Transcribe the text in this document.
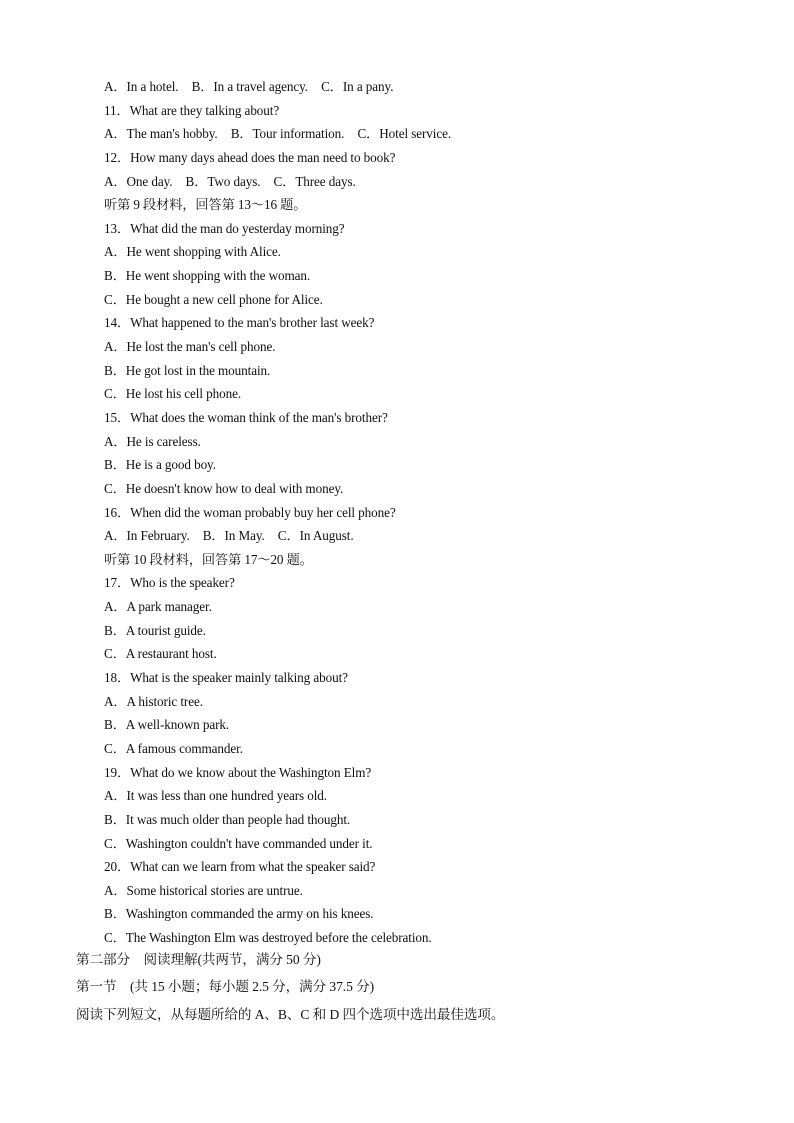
A．In a hotel.　B．In a travel agency.　C．In a pany.
11．What are they talking about?
A．The man's hobby.　B．Tour information.　C．Hotel service.
12．How many days ahead does the man need to book?
A．One day.　B．Two days.　C．Three days.
听第 9 段材料，回答第 13～16 题。
13．What did the man do yesterday morning?
A．He went shopping with Alice.
B．He went shopping with the woman.
C．He bought a new cell phone for Alice.
14．What happened to the man's brother last week?
A．He lost the man's cell phone.
B．He got lost in the mountain.
C．He lost his cell phone.
15．What does the woman think of the man's brother?
A．He is careless.
B．He is a good boy.
C．He doesn't know how to deal with money.
16．When did the woman probably buy her cell phone?
A．In February.　B．In May.　C．In August.
听第 10 段材料，回答第 17～20 题。
17．Who is the speaker?
A．A park manager.
B．A tourist guide.
C．A restaurant host.
18．What is the speaker mainly talking about?
A．A historic tree.
B．A well-known park.
C．A famous commander.
19．What do we know about the Washington Elm?
A．It was less than one hundred years old.
B．It was much older than people had thought.
C．Washington couldn't have commanded under it.
20．What can we learn from what the speaker said?
A．Some historical stories are untrue.
B．Washington commanded the army on his knees.
C．The Washington Elm was destroyed before the celebration.
第二部分　阅读理解(共两节，满分 50 分)
第一节　(共 15 小题；每小题 2.5 分，满分 37.5 分)
阅读下列短文，从每题所给的 A、B、C 和 D 四个选项中选出最佳选项。
